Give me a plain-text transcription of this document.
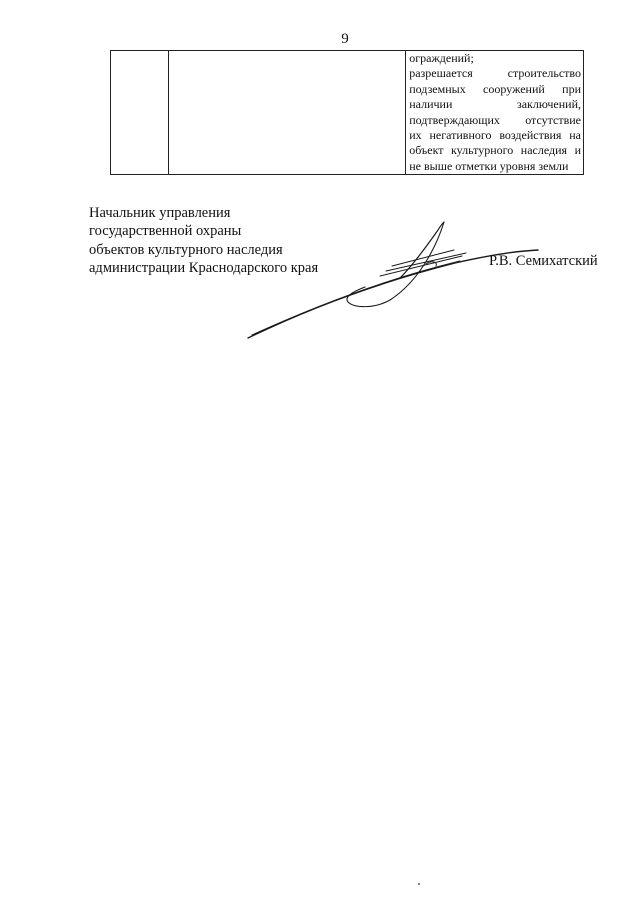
9

ограждений;
разрешается строительство
подземных сооружений при
наличии заключений,
подтверждающих отсутствие
их негативного воздействия на
объект культурного наследия и
не выше отметки уровня земли
Начальник управления
государственной охраны
объектов культурного наследия
администрации Краснодарского края	Р.В. Семихатский
